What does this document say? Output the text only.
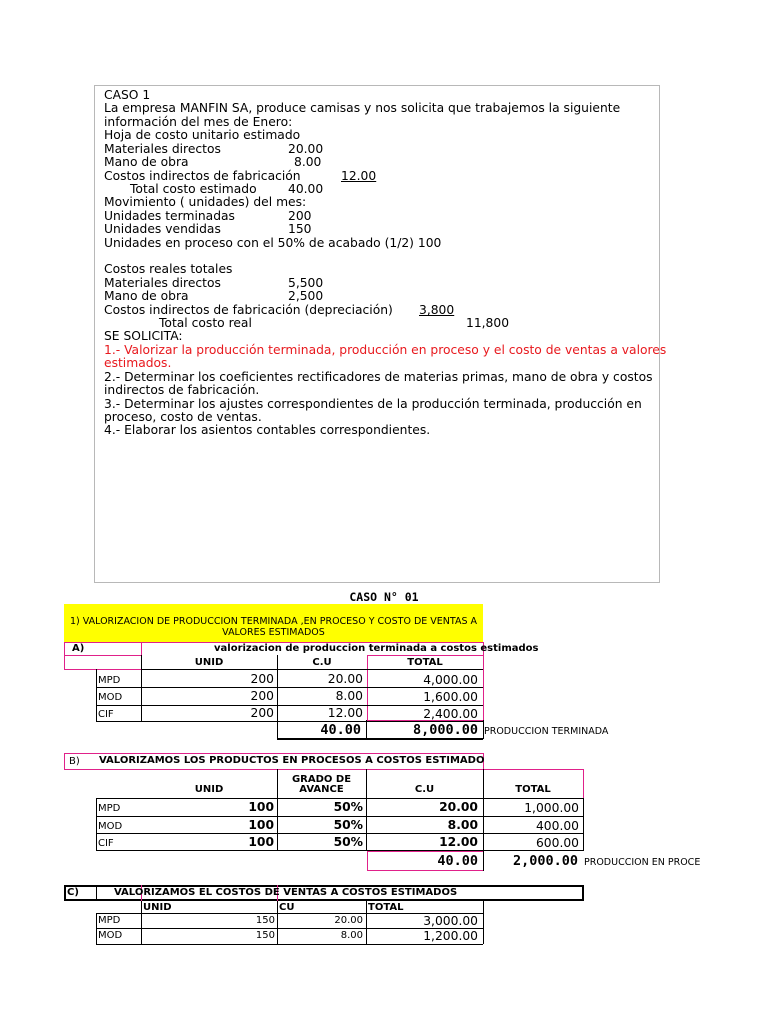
CASO 1
La empresa MANFIN SA, produce camisas y nos solicita que trabajemos la siguiente
información del mes de Enero:
Hoja de costo unitario estimado
Materiales directos	20.00
Mano de obra	8.00
Costos indirectos de fabricación	12.00
Total costo estimado	40.00
Movimiento ( unidades) del mes:
Unidades terminadas	200
Unidades vendidas	150
Unidades en proceso con el 50% de acabado (1/2) 100
Costos reales totales
Materiales directos	5,500
Mano de obra	2,500
Costos indirectos de fabricación (depreciación) 3,800
Total costo real	11,800
SE SOLICITA:
1.- Valorizar la producción terminada, producción en proceso y el costo de ventas a valores
estimados.
2.- Determinar los coeficientes rectificadores de materias primas, mano de obra y costos
indirectos de fabricación.
3.- Determinar los ajustes correspondientes de la producción terminada, producción en
proceso, costo de ventas.
4.- Elaborar los asientos contables correspondientes.
CASO N° 01
1) VALORIZACION DE PRODUCCION TERMINADA ,EN PROCESO Y COSTO DE VENTAS A
VALORES ESTIMADOS
A)	valorizacion de produccion terminada a costos estimados
UNID	C.U	TOTAL
MPD	200	20.00	4,000.00
MOD	200	8.00	1,600.00
CIF	200	12.00	2,400.00
40.00	8,000.00 PRODUCCION TERMINADA
B) VALORIZAMOS LOS PRODUCTOS EN PROCESOS A COSTOS ESTIMADO
UNID
GRADO DE
AVANCE	C.U	TOTAL
MPD	100	50%	20.00	1,000.00
MOD	100	50%	8.00	400.00
CIF	100	50%	12.00	600.00
40.00	2,000.00 PRODUCCION EN PROCE
C)	VALORIZAMOS EL COSTOS DE VENTAS A COSTOS ESTIMADOS
UNID	CU	TOTAL
MPD	150	20.00	3,000.00
MOD	150	8.00	1,200.00
